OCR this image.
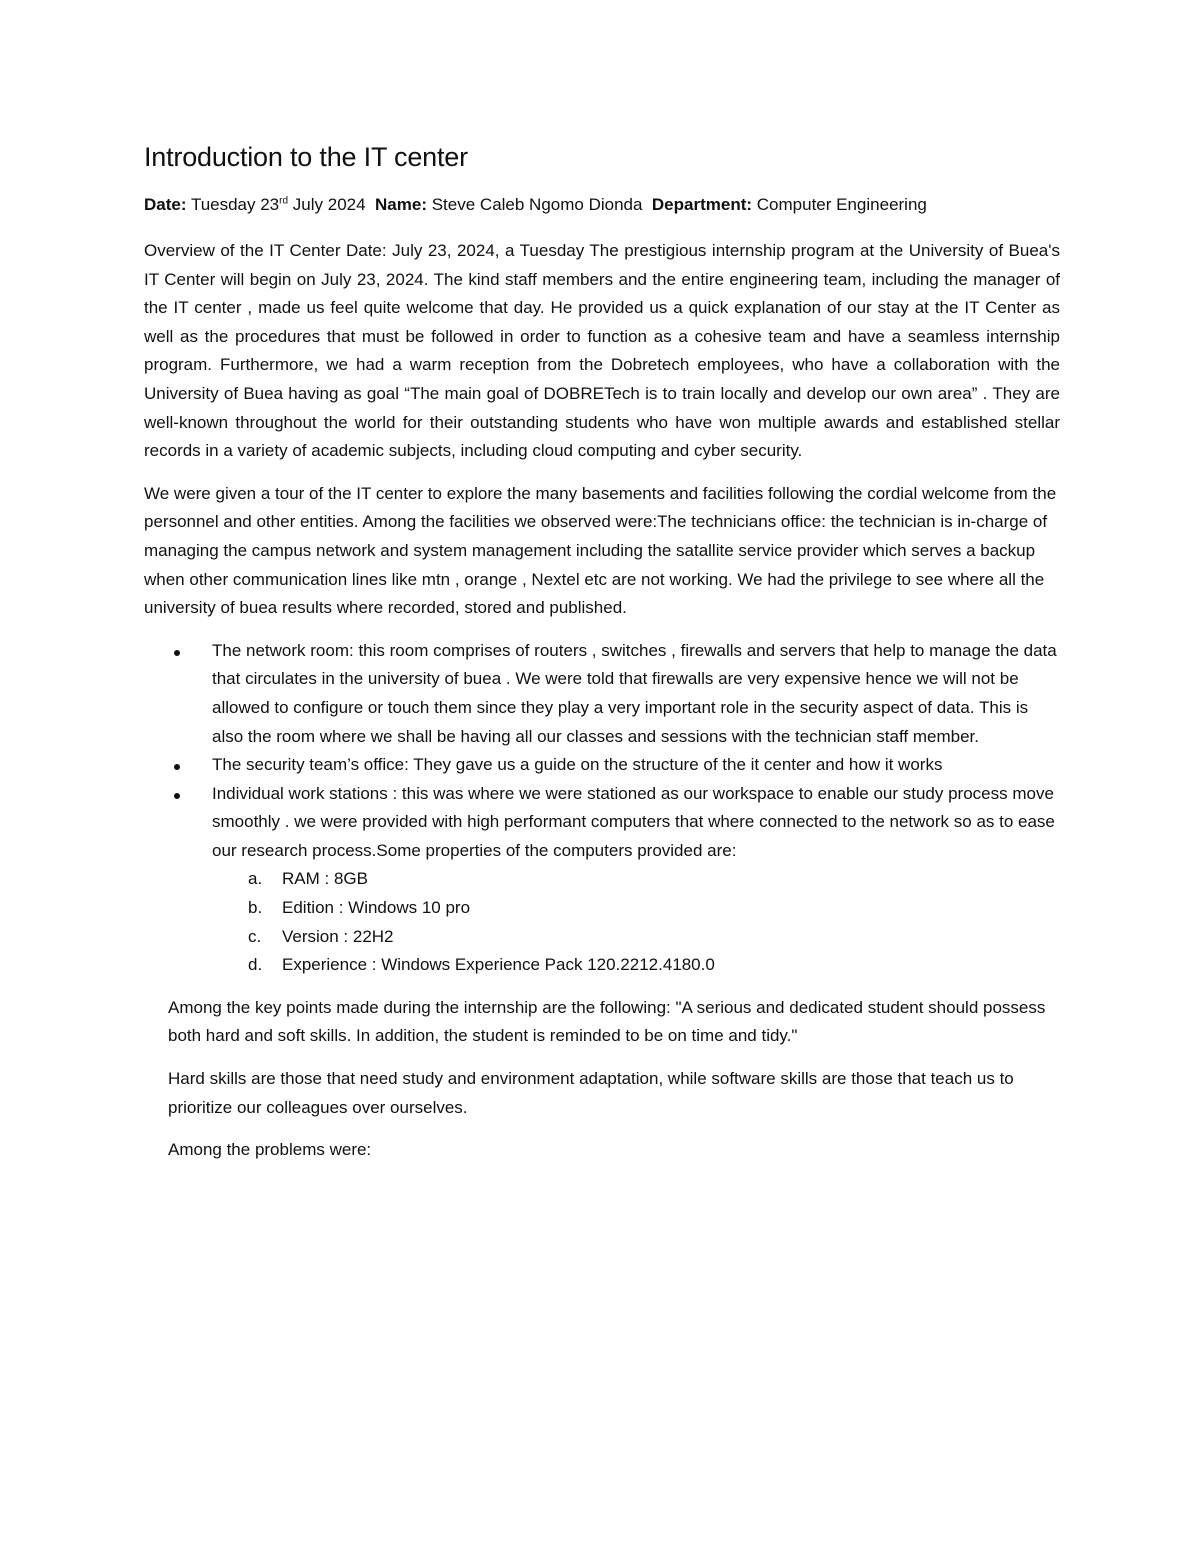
Introduction to the IT center
Date: Tuesday 23rd July 2024 Name: Steve Caleb Ngomo Dionda Department: Computer Engineering

Overview of the IT Center Date: July 23, 2024, a Tuesday The prestigious internship program at the University of Buea's IT Center will begin on July 23, 2024. The kind staff members and the entire engineering team, including the manager of the IT center , made us feel quite welcome that day. He provided us a quick explanation of our stay at the IT Center as well as the procedures that must be followed in order to function as a cohesive team and have a seamless internship program. Furthermore, we had a warm reception from the Dobretech employees, who have a collaboration with the University of Buea having as goal “The main goal of DOBRETech is to train locally and develop our own area” . They are well-known throughout the world for their outstanding students who have won multiple awards and established stellar records in a variety of academic subjects, including cloud computing and cyber security.

We were given a tour of the IT center to explore the many basements and facilities following the cordial welcome from the personnel and other entities. Among the facilities we observed were:The technicians office: the technician is in-charge of managing the campus network and system management including the satallite service provider which serves a backup when other communication lines like mtn , orange , Nextel etc are not working. We had the privilege to see where all the university of buea results where recorded, stored and published.

The network room: this room comprises of routers , switches , firewalls and servers that help to manage the data that circulates in the university of buea . We were told that firewalls are very expensive hence we will not be allowed to configure or touch them since they play a very important role in the security aspect of data. This is also the room where we shall be having all our classes and sessions with the technician staff member.
The security team’s office: They gave us a guide on the structure of the it center and how it works
Individual work stations : this was where we were stationed as our workspace to enable our study process move smoothly . we were provided with high performant computers that where connected to the network so as to ease our research process.Some properties of the computers provided are:
a. RAM : 8GB
b. Edition : Windows 10 pro
c. Version : 22H2
d. Experience : Windows Experience Pack 120.2212.4180.0

Among the key points made during the internship are the following: "A serious and dedicated student should possess both hard and soft skills. In addition, the student is reminded to be on time and tidy."

Hard skills are those that need study and environment adaptation, while software skills are those that teach us to prioritize our colleagues over ourselves.

Among the problems were:
